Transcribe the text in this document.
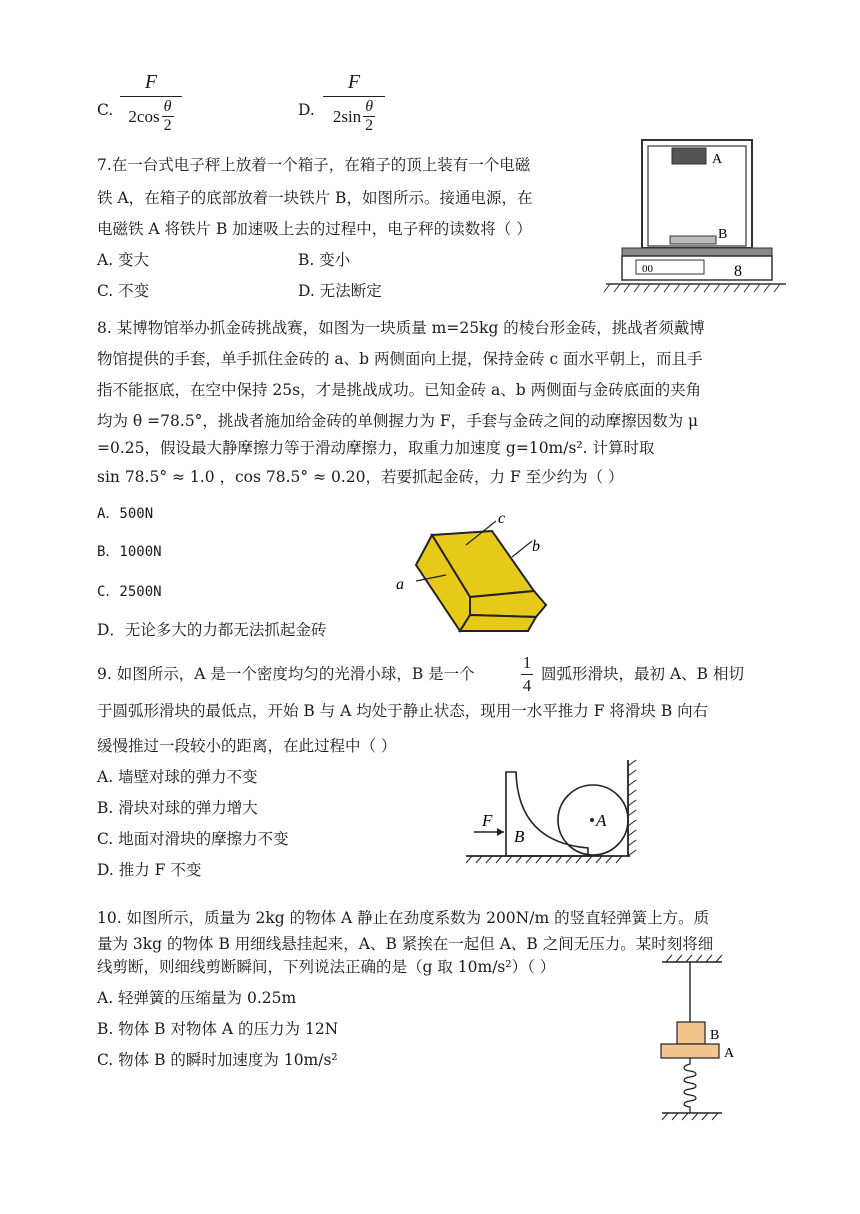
C.
F
2cos θ
2
D.
F
2sin θ
2
7.在一台式电子秤上放着一个箱子，在箱子的顶上装有一个电磁
铁 A，在箱子的底部放着一块铁片 B，如图所示。接通电源，在
电磁铁 A 将铁片 B 加速吸上去的过程中，电子秤的读数将（ ）
A. 变大	B. 变小
C. 不变	D. 无法断定
A
B
00	8
8. 某博物馆举办抓金砖挑战赛，如图为一块质量 m=25kg 的棱台形金砖，挑战者须戴博
物馆提供的手套，单手抓住金砖的 a、b 两侧面向上提，保持金砖 c 面水平朝上，而且手
指不能抠底，在空中保持 25s，才是挑战成功。已知金砖 a、b 两侧面与金砖底面的夹角
均为 θ =78.5°，挑战者施加给金砖的单侧握力为 F，手套与金砖之间的动摩擦因数为 μ
=0.25，假设最大静摩擦力等于滑动摩擦力，取重力加速度 g=10m/s². 计算时取
sin 78.5° ≈ 1.0 ，cos 78.5° ≈ 0.20，若要抓起金砖，力 F 至少约为（ ）
A．500N
B．1000N
C．2500N
D．无论多大的力都无法抓起金砖
c
b
a
9. 如图所示，A 是一个密度均匀的光滑小球，B 是一个
1
4
圆弧形滑块，最初 A、B 相切
于圆弧形滑块的最低点，开始 B 与 A 均处于静止状态，现用一水平推力 F 将滑块 B 向右
缓慢推过一段较小的距离，在此过程中（ ）
A. 墙壁对球的弹力不变
B. 滑块对球的弹力增大
C. 地面对滑块的摩擦力不变
D. 推力 F 不变
B
F	A
10. 如图所示，质量为 2kg 的物体 A 静止在劲度系数为 200N/m 的竖直轻弹簧上方。质
量为 3kg 的物体 B 用细线悬挂起来，A、B 紧挨在一起但 A、B 之间无压力。某时刻将细
线剪断，则细线剪断瞬间，下列说法正确的是（g 取 10m/s²）（ ）
A. 轻弹簧的压缩量为 0.25m
B. 物体 B 对物体 A 的压力为 12N
C. 物体 B 的瞬时加速度为 10m/s²
B
A
